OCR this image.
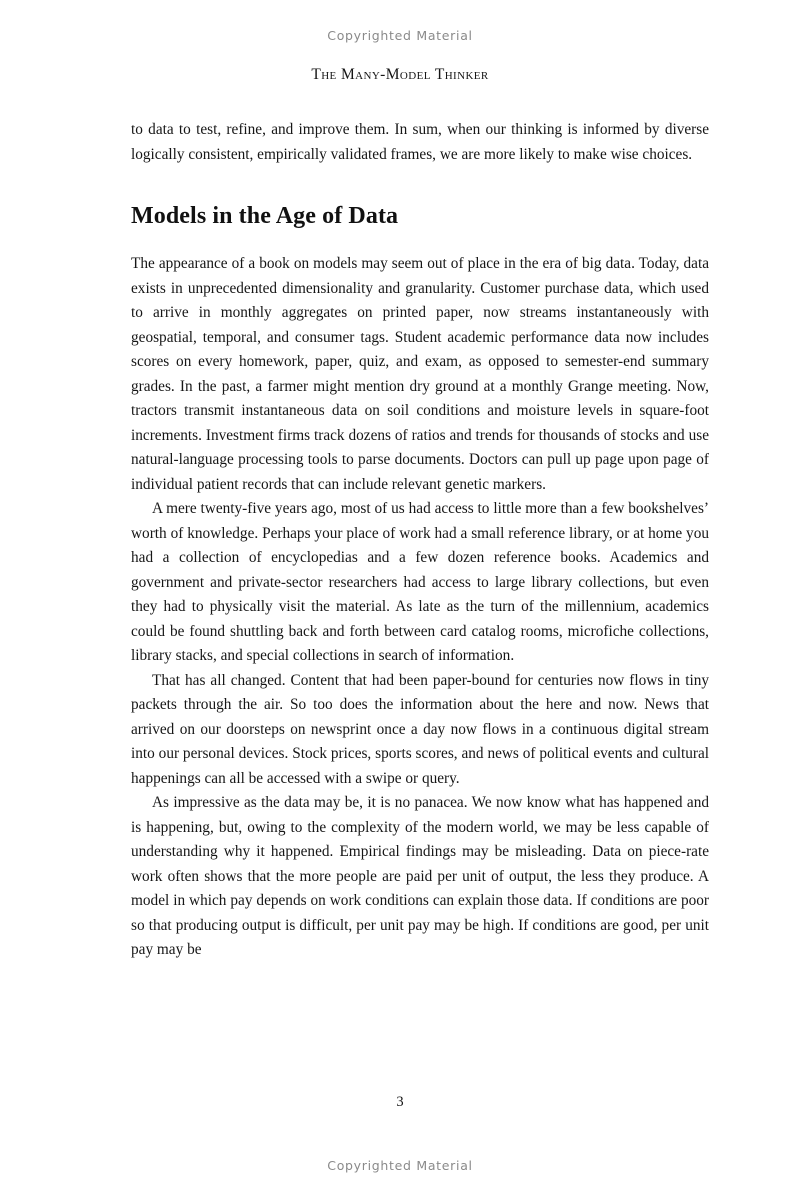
Copyrighted Material
The Many-Model Thinker

to data to test, refine, and improve them. In sum, when our thinking is informed by diverse logically consistent, empirically validated frames, we are more likely to make wise choices.

Models in the Age of Data

The appearance of a book on models may seem out of place in the era of big data. Today, data exists in unprecedented dimensionality and granularity. Customer purchase data, which used to arrive in monthly aggregates on printed paper, now streams instantaneously with geospatial, temporal, and consumer tags. Student academic performance data now includes scores on every homework, paper, quiz, and exam, as opposed to semester-end summary grades. In the past, a farmer might mention dry ground at a monthly Grange meeting. Now, tractors transmit instantaneous data on soil conditions and moisture levels in square-foot increments. Investment firms track dozens of ratios and trends for thousands of stocks and use natural-language processing tools to parse documents. Doctors can pull up page upon page of individual patient records that can include relevant genetic markers.

A mere twenty-five years ago, most of us had access to little more than a few bookshelves’ worth of knowledge. Perhaps your place of work had a small reference library, or at home you had a collection of encyclopedias and a few dozen reference books. Academics and government and private-sector researchers had access to large library collections, but even they had to physically visit the material. As late as the turn of the millennium, academics could be found shuttling back and forth between card catalog rooms, microfiche collections, library stacks, and special collections in search of information.

That has all changed. Content that had been paper-bound for centuries now flows in tiny packets through the air. So too does the information about the here and now. News that arrived on our doorsteps on newsprint once a day now flows in a continuous digital stream into our personal devices. Stock prices, sports scores, and news of political events and cultural happenings can all be accessed with a swipe or query.

As impressive as the data may be, it is no panacea. We now know what has happened and is happening, but, owing to the complexity of the modern world, we may be less capable of understanding why it happened. Empirical findings may be misleading. Data on piece-rate work often shows that the more people are paid per unit of output, the less they produce. A model in which pay depends on work conditions can explain those data. If conditions are poor so that producing output is difficult, per unit pay may be high. If conditions are good, per unit pay may be

3
Copyrighted Material
